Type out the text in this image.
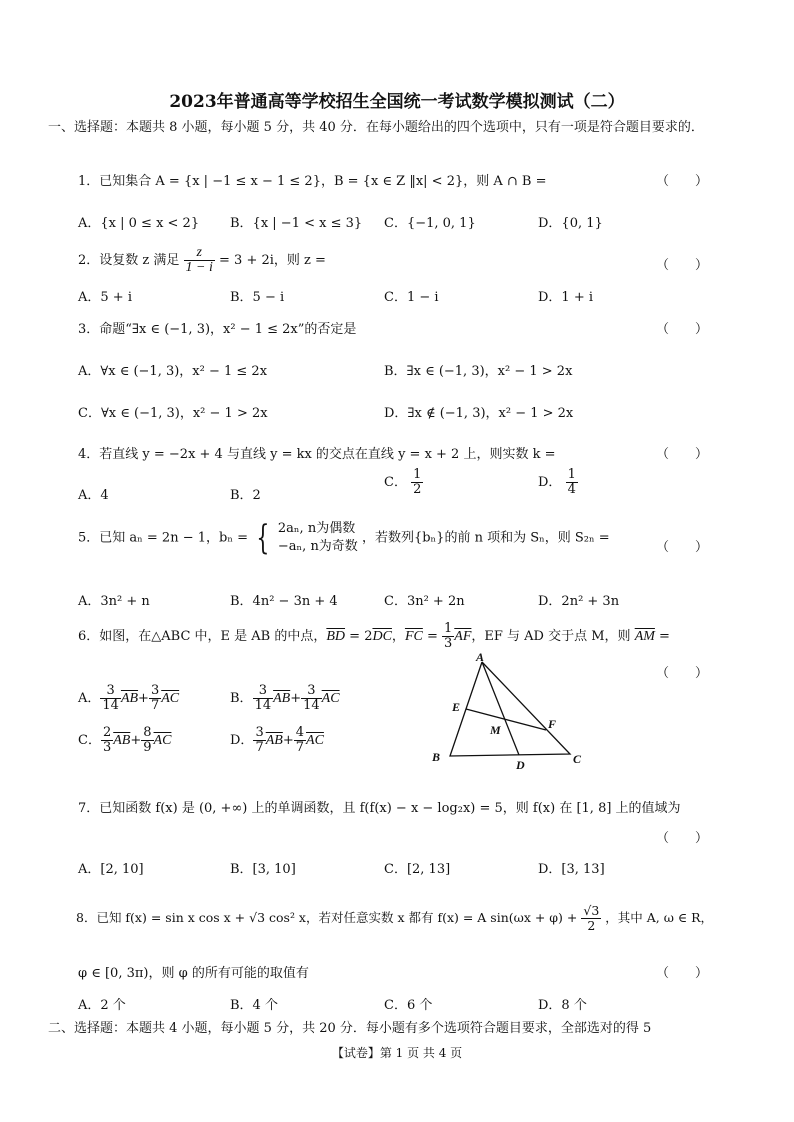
2023年普通高等学校招生全国统一考试数学模拟测试（二）
一、选择题：本题共 8 小题，每小题 5 分，共 40 分．在每小题给出的四个选项中，只有一项是符合题目要求的．
1．已知集合 A = {x | −1 ≤ x − 1 ≤ 2}，B = {x ∈ Z ‖x| < 2}，则 A ∩ B =	（　　）
A．{x | 0 ≤ x < 2} B．{x | −1 < x ≤ 3} C．{−1, 0, 1}	D．{0, 1}
2．设复数 z 满足 $\frac{z}{1 - i} = 3 + 2i$，则 z =	（　　）
A．5 + i	B．5 − i	C．1 − i	D．1 + i
3．命题“∃x ∈ (−1, 3)，x² − 1 ≤ 2x”的否定是	（　　）
A．∀x ∈ (−1, 3)，x² − 1 ≤ 2x	B．∃x ∈ (−1, 3)，x² − 1 > 2x
C．∀x ∈ (−1, 3)，x² − 1 > 2x	D．∃x ∉ (−1, 3)，x² − 1 > 2x
4．若直线 y = −2x + 4 与直线 y = kx 的交点在直线 y = x + 2 上，则实数 k =	（　　）
A．4	B．2
C． $\frac{1}{2}$	D． $\frac{1}{4}$
5．已知 aₙ = 2n − 1，bₙ = { 2aₙ, n为偶数
−aₙ, n为奇数
，若数列{bₙ}的前 n 项和为 Sₙ，则 S₂ₙ =
（　　）
A．3n² + n	B．4n² − 3n + 4	C．3n² + 2n	D．2n² + 3n
6．如图，在△ABC 中，E 是 AB 的中点，$\overline{BD} = 2\overline{DC}$，$\overline{FC} = \frac{1}{3} \overline{AF}$，EF 与 AD 交于点 M，则 $\overline{AM}$ =
（　　）
A． $\frac{3}{14} \overline{AB}+ \frac{3}{7} \overline{AC}$	B． $\frac{3}{14} \overline{AB}+ \frac{3}{14} \overline{AC}$
C． $\frac{2}{3} \overline{AB}+ \frac{8}{9} \overline{AC}$	D． $\frac{3}{7} \overline{AB}+ \frac{4}{7} \overline{AC}$
A
B	C
D
E
F
M
7．已知函数 f(x) 是 (0, +∞) 上的单调函数，且 f(f(x) − x − log₂x) = 5，则 f(x) 在 [1, 8] 上的值域为
（　　）
A．[2, 10]	B．[3, 10]	C．[2, 13]	D．[3, 13]
8．已知 f(x) = sin x cos x + √3 cos² x，若对任意实数 x 都有 f(x) = A $\sin(\omega x + \varphi) + \frac{√3}{2}$ ，其中 A, ω ∈ R，
φ ∈ [0, 3π)，则 φ 的所有可能的取值有	（　　）
A．2 个	B．4 个	C．6 个	D．8 个
二、选择题：本题共 4 小题，每小题 5 分，共 20 分．每小题有多个选项符合题目要求，全部选对的得 5
【试卷】第 1 页 共 4 页
